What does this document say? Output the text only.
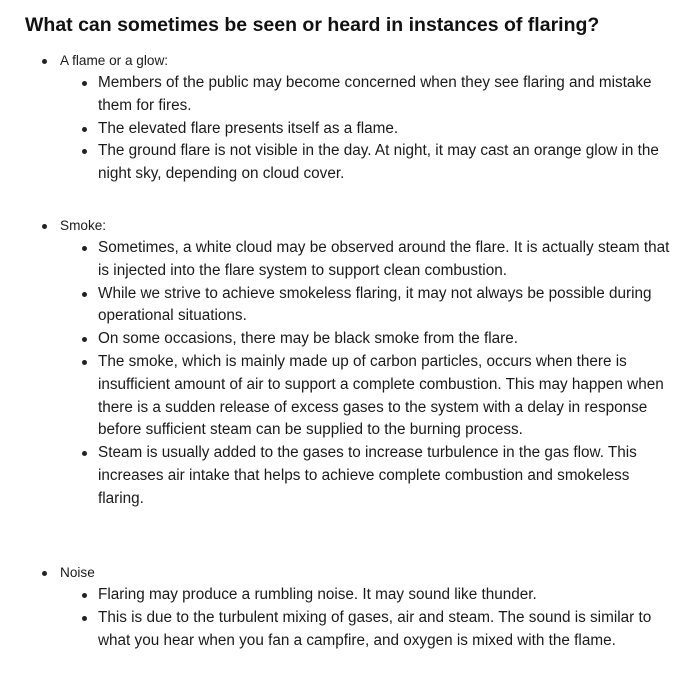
What can sometimes be seen or heard in instances of flaring?
A flame or a glow:
Members of the public may become concerned when they see flaring and mistake them for fires.
The elevated flare presents itself as a flame.
The ground flare is not visible in the day. At night, it may cast an orange glow in the night sky, depending on cloud cover.
Smoke:
Sometimes, a white cloud may be observed around the flare. It is actually steam that is injected into the flare system to support clean combustion.
While we strive to achieve smokeless flaring, it may not always be possible during operational situations.
On some occasions, there may be black smoke from the flare.
The smoke, which is mainly made up of carbon particles, occurs when there is insufficient amount of air to support a complete combustion. This may happen when there is a sudden release of excess gases to the system with a delay in response before sufficient steam can be supplied to the burning process.
Steam is usually added to the gases to increase turbulence in the gas flow. This increases air intake that helps to achieve complete combustion and smokeless flaring.
Noise
Flaring may produce a rumbling noise. It may sound like thunder.
This is due to the turbulent mixing of gases, air and steam. The sound is similar to what you hear when you fan a campfire, and oxygen is mixed with the flame.
